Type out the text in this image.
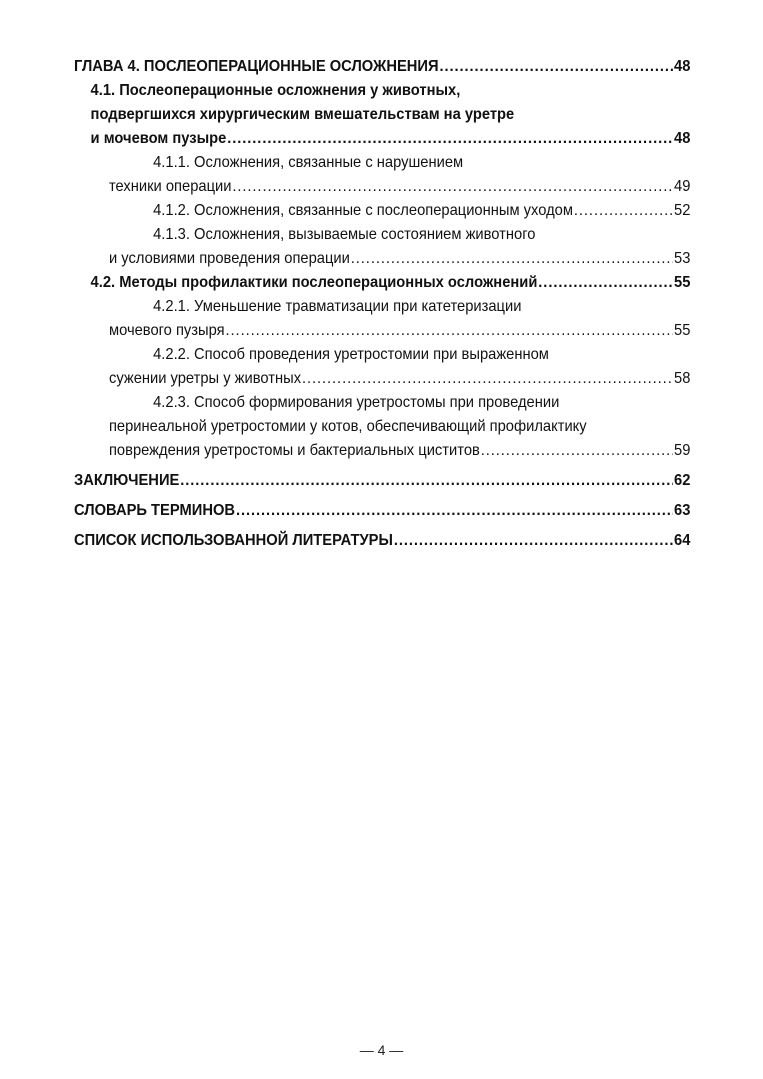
ГЛАВА 4. ПОСЛЕОПЕРАЦИОННЫЕ ОСЛОЖНЕНИЯ .....	48
4.1. Послеоперационные осложнения у животных,
подвергшихся хирургическим вмешательствам на уретре
и мочевом пузыре .....	48
4.1.1. Осложнения, связанные с нарушением
техники операции .....	49
4.1.2. Осложнения, связанные с послеоперационным уходом .....	52
4.1.3. Осложнения, вызываемые состоянием животного
и условиями проведения операции .....	53
4.2. Методы профилактики послеоперационных осложнений .....	55
4.2.1. Уменьшение травматизации при катетеризации
мочевого пузыря .....	55
4.2.2. Способ проведения уретростомии при выраженном
сужении уретры у животных .....	58
4.2.3. Способ формирования уретростомы при проведении
перинеальной уретростомии у котов, обеспечивающий профилактику
повреждения уретростомы и бактериальных циститов .....	59
ЗАКЛЮЧЕНИЕ .....	62
СЛОВАРЬ ТЕРМИНОВ .....	63
СПИСОК ИСПОЛЬЗОВАННОЙ ЛИТЕРАТУРЫ .....	64
— 4 —
